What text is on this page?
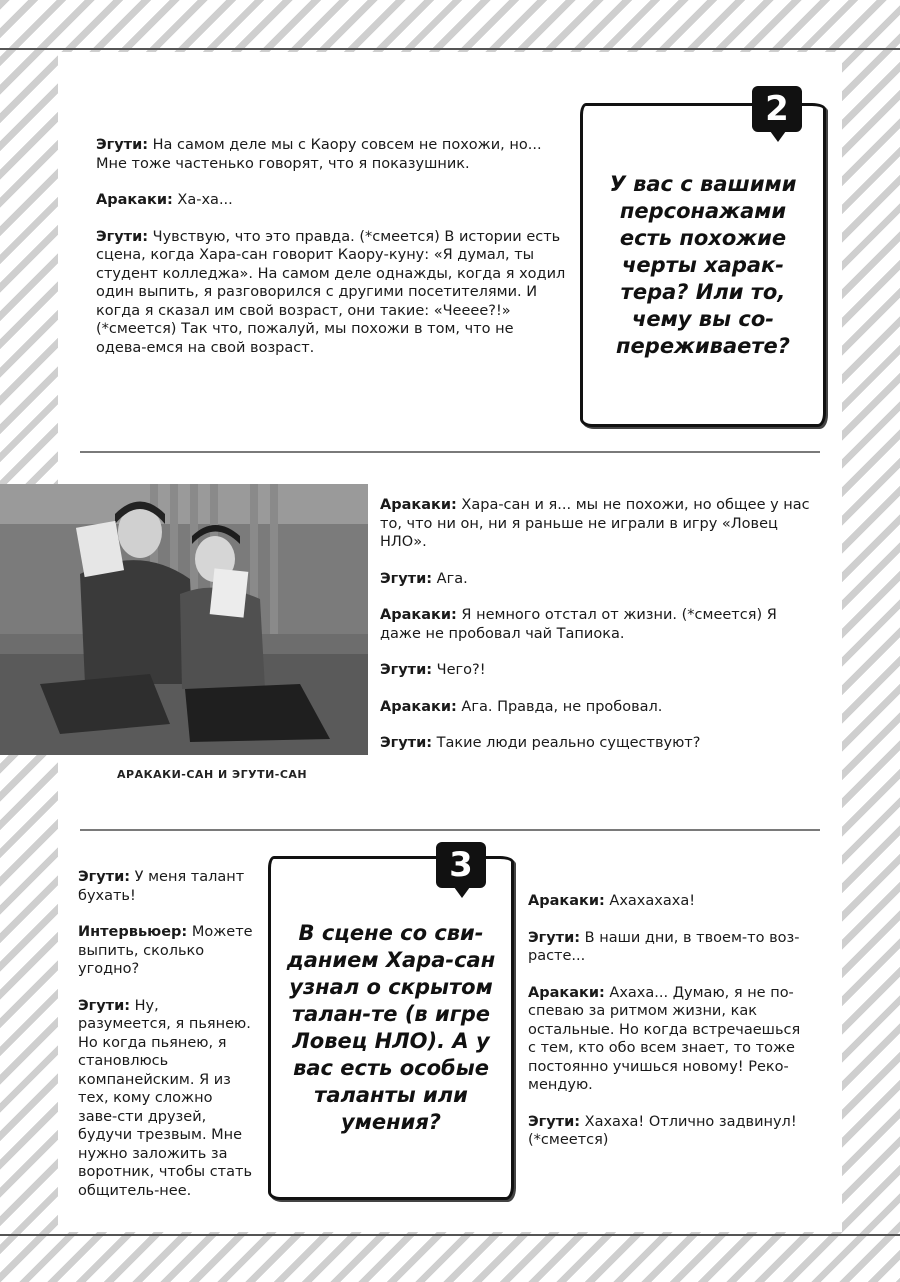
Эгути: На самом деле мы с Каору совсем не похожи, но... Мне тоже частенько говорят, что я показушник.

Аракаки: Ха-ха...

Эгути: Чувствую, что это правда. (*смеется) В истории есть сцена, когда Хара-сан говорит Каору-куну: «Я думал, ты студент колледжа». На самом деле однажды, когда я ходил один выпить, я разговорился с другими посетителями. И когда я сказал им свой возраст, они такие: «Чееее?!» (*смеется) Так что, пожалуй, мы похожи в том, что не одева-емся на свой возраст.

У вас с вашими персонажами есть похожие черты харак-тера? Или то, чему вы со-переживаете?
2
АРАКАКИ-САН И ЭГУТИ-САН

Аракаки: Хара-сан и я... мы не похожи, но общее у нас то, что ни он, ни я раньше не играли в игру «Ловец НЛО».

Эгути: Ага.

Аракаки: Я немного отстал от жизни. (*смеется) Я даже не пробовал чай Тапиока.

Эгути: Чего?!

Аракаки: Ага. Правда, не пробовал.

Эгути: Такие люди реально существуют?

Эгути: У меня талант бухать!

Интервьюер: Можете выпить, сколько угодно?

Эгути: Ну, разумеется, я пьянею. Но когда пьянею, я становлюсь компанейским. Я из тех, кому сложно заве-сти друзей, будучи трезвым. Мне нужно заложить за воротник, чтобы стать общитель-нее.

В сцене со сви-данием Хара-сан узнал о скрытом талан-те (в игре Ловец НЛО). А у вас есть особые таланты или умения?
3

Аракаки: Ахахахаха!

Эгути: В наши дни, в твоем-то воз-расте...

Аракаки: Ахаха... Думаю, я не по-спеваю за ритмом жизни, как остальные. Но когда встречаешься с тем, кто обо всем знает, то тоже постоянно учишься новому! Реко-мендую.

Эгути: Хахаха! Отлично задвинул! (*смеется)
